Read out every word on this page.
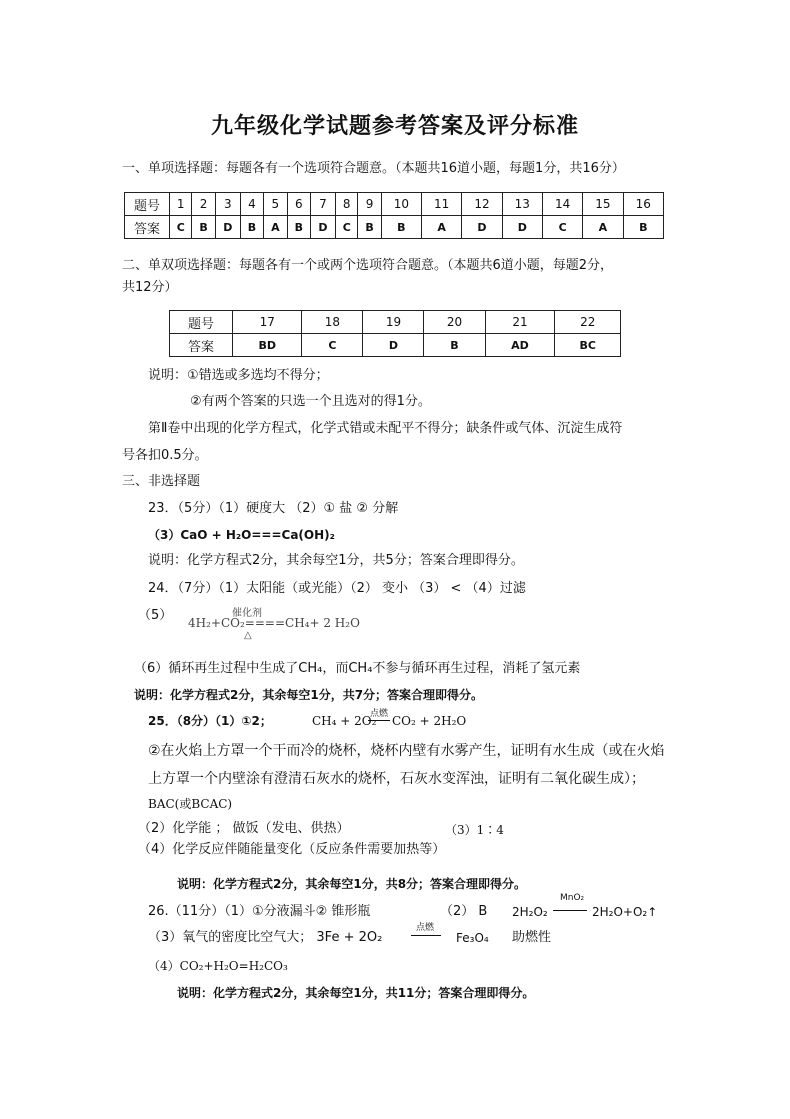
九年级化学试题参考答案及评分标准
一、单项选择题：每题各有一个选项符合题意。（本题共16道小题，每题1分，共16分）
题号	1	2	3	4	5	6	7	8	9	10	11	12	13	14	15	16
答案	C	B	D	B	A	B	D	C	B	B	A	D	D	C	A	B
二、单双项选择题：每题各有一个或两个选项符合题意。（本题共6道小题，每题2分，
共12分）
题号	17	18	19	20	21	22
答案	BD	C	D	B	AD	BC
说明：①错选或多选均不得分；
②有两个答案的只选一个且选对的得1分。
第Ⅱ卷中出现的化学方程式，化学式错或未配平不得分；缺条件或气体、沉淀生成符
号各扣0.5分。
三、非选择题
23．（5分）（1）硬度大 （2）① 盐 ② 分解
（3）CaO + H₂O===Ca(OH)₂
说明：化学方程式2分，其余每空1分，共5分；答案合理即得分。
24．（7分）（1）太阳能（或光能）（2） 变小 （3） < （4）过滤
（5）	催化剂
4H₂+CO₂====CH₄+ 2 H₂O
△
（6）循环再生过程中生成了CH₄，而CH₄不参与循环再生过程，消耗了氢元素
说明：化学方程式2分，其余每空1分，共7分；答案合理即得分。
25．（8分）（1）①2；	CH₄ + 2O₂
点燃 CO₂ + 2H₂O
②在火焰上方罩一个干而冷的烧杯，烧杯内壁有水雾产生，证明有水生成（或在火焰
上方罩一个内壁涂有澄清石灰水的烧杯，石灰水变浑浊，证明有二氧化碳生成）；
BAC(或BCAC)
（2）化学能 ； 做饭（发电、供热）	（3）1∶4
（4）化学反应伴随能量变化（反应条件需要加热等）
说明：化学方程式2分，其余每空1分，共8分；答案合理即得分。
26.（11分）（1）①分液漏斗② 锥形瓶	（2） B 2H₂O₂
MnO₂
2H₂O+O₂↑
（3）氧气的密度比空气大； 3Fe + 2O₂
点燃
Fe₃O₄ 助燃性
（4）CO₂+H₂O=H₂CO₃
说明：化学方程式2分，其余每空1分，共11分；答案合理即得分。
